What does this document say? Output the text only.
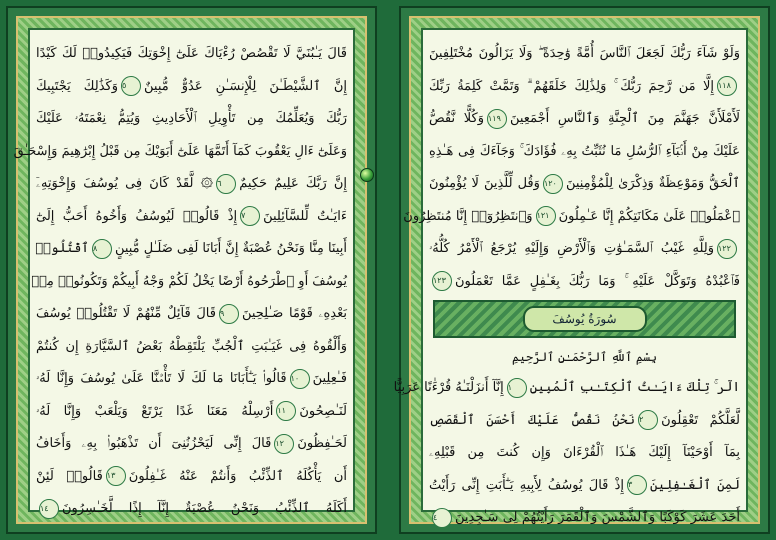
قَالَ يَـٰبُنَيَّ لَا تَقْصُصْ رُءْيَاكَ عَلَىٰٓ إِخْوَتِكَ فَيَكِيدُوا۟ لَكَ كَيْدًا
إِنَّ ٱلشَّيْطَـٰنَ لِلْإِنسَـٰنِ عَدُوٌّ مُّبِينٌ٥وَكَذَٰلِكَ يَجْتَبِيكَ
رَبُّكَ وَيُعَلِّمُكَ مِن تَأْوِيلِ ٱلْأَحَادِيثِ وَيُتِمُّ نِعْمَتَهُۥ عَلَيْكَ
وَعَلَىٰٓ ءَالِ يَعْقُوبَ كَمَآ أَتَمَّهَا عَلَىٰٓ أَبَوَيْكَ مِن قَبْلُ إِبْرَٰهِيمَ وَإِسْحَـٰقَ
إِنَّ رَبَّكَ عَلِيمٌ حَكِيمٌ٦۞ لَّقَدْ كَانَ فِى يُوسُفَ وَإِخْوَتِهِۦٓ
ءَايَـٰتٌ لِّلسَّآئِلِينَ٧إِذْ قَالُوا۟ لَيُوسُفُ وَأَخُوهُ أَحَبُّ إِلَىٰٓ
أَبِينَا مِنَّا وَنَحْنُ عُصْبَةٌ إِنَّ أَبَانَا لَفِى ضَلَـٰلٍ مُّبِينٍ٨ٱقْتُلُوا۟
يُوسُفَ أَوِ ٱطْرَحُوهُ أَرْضًا يَخْلُ لَكُمْ وَجْهُ أَبِيكُمْ وَتَكُونُوا۟ مِنۢ
بَعْدِهِۦ قَوْمًا صَـٰلِحِينَ٩قَالَ قَآئِلٌ مِّنْهُمْ لَا تَقْتُلُوا۟ يُوسُفَ
وَأَلْقُوهُ فِى غَيَـٰبَتِ ٱلْجُبِّ يَلْتَقِطْهُ بَعْضُ ٱلسَّيَّارَةِ إِن كُنتُمْ
فَـٰعِلِينَ١٠قَالُوا۟ يَـٰٓأَبَانَا مَا لَكَ لَا تَأْمَ۫نَّا عَلَىٰ يُوسُفَ وَإِنَّا لَهُۥ
لَنَـٰصِحُونَ١١أَرْسِلْهُ مَعَنَا غَدًا يَرْتَعْ وَيَلْعَبْ وَإِنَّا لَهُۥ
لَحَـٰفِظُونَ١٢قَالَ إِنِّى لَيَحْزُنُنِىٓ أَن تَذْهَبُوا۟ بِهِۦ وَأَخَافُ
أَن يَأْكُلَهُ ٱلذِّئْبُ وَأَنتُمْ عَنْهُ غَـٰفِلُونَ١٣قَالُوا۟ لَئِنْ
أَكَلَهُ ٱلذِّئْبُ وَنَحْنُ عُصْبَةٌ إِنَّآ إِذًا لَّخَـٰسِرُونَ١٤
وَلَوْ شَآءَ رَبُّكَ لَجَعَلَ ٱلنَّاسَ أُمَّةً وَٰحِدَةً ۖ وَلَا يَزَالُونَ مُخْتَلِفِينَ
١١٨إِلَّا مَن رَّحِمَ رَبُّكَ ۚ وَلِذَٰلِكَ خَلَقَهُمْ ۗ وَتَمَّتْ كَلِمَةُ رَبِّكَ
لَأَمْلَأَنَّ جَهَنَّمَ مِنَ ٱلْجِنَّةِ وَٱلنَّاسِ أَجْمَعِينَ١١٩وَكُلًّا نَّقُصُّ
عَلَيْكَ مِنْ أَنۢبَآءِ ٱلرُّسُلِ مَا نُثَبِّتُ بِهِۦ فُؤَادَكَ ۚ وَجَآءَكَ فِى هَـٰذِهِ
ٱلْحَقُّ وَمَوْعِظَةٌ وَذِكْرَىٰ لِلْمُؤْمِنِينَ١٢٠وَقُل لِّلَّذِينَ لَا يُؤْمِنُونَ
ٱعْمَلُوا۟ عَلَىٰ مَكَانَتِكُمْ إِنَّا عَـٰمِلُونَ١٢١وَٱنتَظِرُوٓا۟ إِنَّا مُنتَظِرُونَ
١٢٢وَلِلَّهِ غَيْبُ ٱلسَّمَـٰوَٰتِ وَٱلْأَرْضِ وَإِلَيْهِ يُرْجَعُ ٱلْأَمْرُ كُلُّهُۥ
فَٱعْبُدْهُ وَتَوَكَّلْ عَلَيْهِ ۚ وَمَا رَبُّكَ بِغَـٰفِلٍ عَمَّا تَعْمَلُونَ١٢٣
سُورَةُ يُوسُفَ
بِسْمِ ٱللَّهِ ٱلرَّحْمَـٰنِ ٱلرَّحِيمِ
الٓر ۚ تِلْكَ ءَايَـٰتُ ٱلْكِتَـٰبِ ٱلْمُبِينِ١إِنَّآ أَنزَلْنَـٰهُ قُرْءَٰنًا عَرَبِيًّا
لَّعَلَّكُمْ تَعْقِلُونَ٢نَحْنُ نَقُصُّ عَلَيْكَ أَحْسَنَ ٱلْقَصَصِ
بِمَآ أَوْحَيْنَآ إِلَيْكَ هَـٰذَا ٱلْقُرْءَانَ وَإِن كُنتَ مِن قَبْلِهِۦ
لَمِنَ ٱلْغَـٰفِلِينَ٣إِذْ قَالَ يُوسُفُ لِأَبِيهِ يَـٰٓأَبَتِ إِنِّى رَأَيْتُ
أَحَدَ عَشَرَ كَوْكَبًا وَٱلشَّمْسَ وَٱلْقَمَرَ رَأَيْتُهُمْ لِى سَـٰجِدِينَ٤
